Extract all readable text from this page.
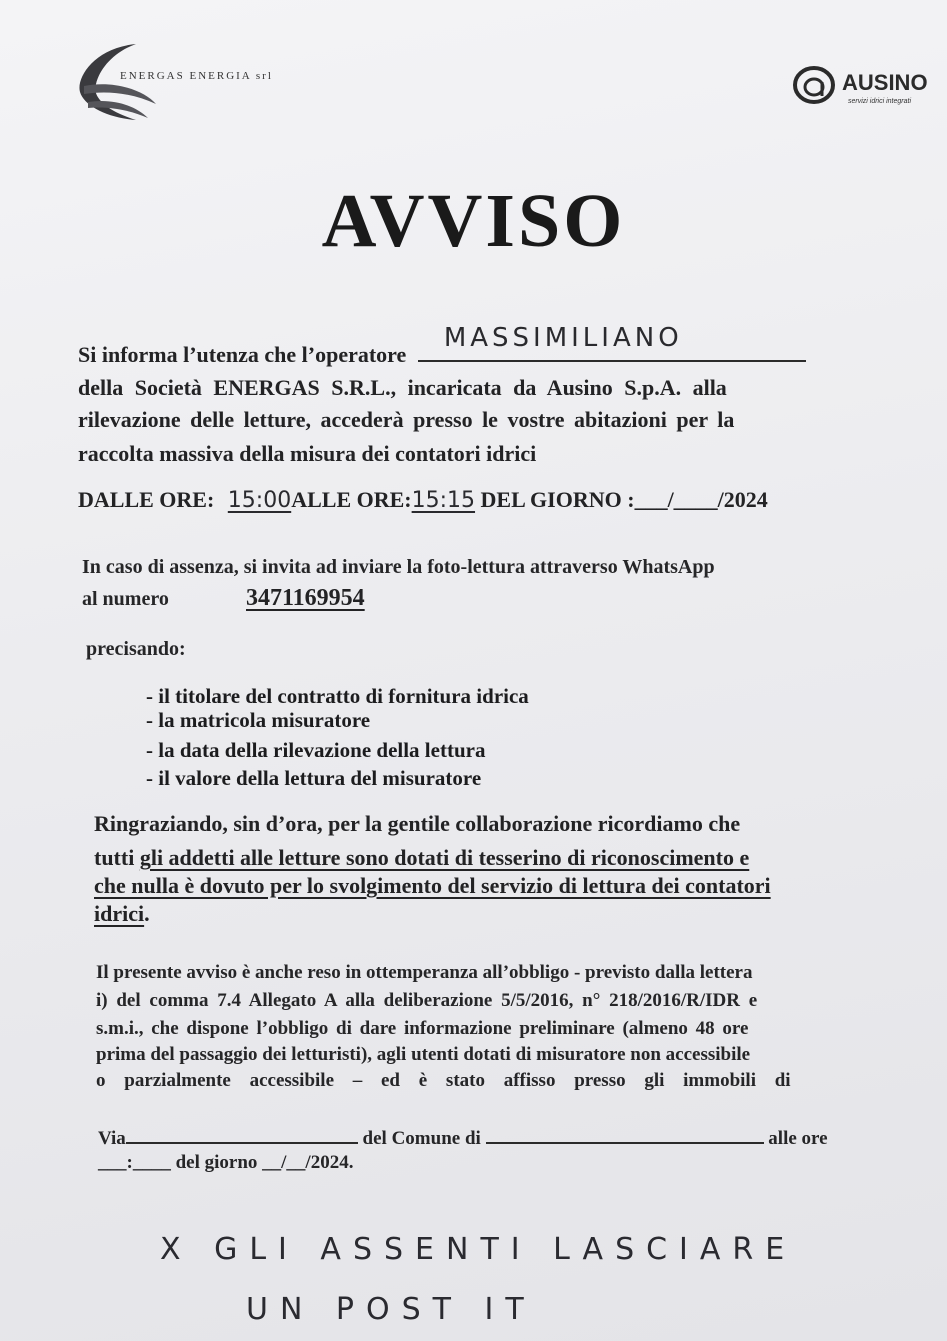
ENERGAS ENERGIA srl	AUSINO
servizi idrici integrati
AVVISO
Si informa l’utenza che l’operatore
MASSIMILIANO
della Società ENERGAS S.R.L., incaricata da Ausino S.p.A. alla
rilevazione delle letture, accederà presso le vostre abitazioni per la
raccolta massiva della misura dei contatori idrici
DALLE ORE: 15:00ALLE ORE:15:15 DEL GIORNO :___/____/2024
In caso di assenza, si invita ad inviare la foto-lettura attraverso WhatsApp
al numero	3471169954
precisando:
- il titolare del contratto di fornitura idrica
- la matricola misuratore
- la data della rilevazione della lettura
- il valore della lettura del misuratore
Ringraziando, sin d’ora, per la gentile collaborazione ricordiamo che
tutti gli addetti alle letture sono dotati di tesserino di riconoscimento e
che nulla è dovuto per lo svolgimento del servizio di lettura dei contatori
idrici.
Il presente avviso è anche reso in ottemperanza all’obbligo - previsto dalla lettera
i) del comma 7.4 Allegato A alla deliberazione 5/5/2016, n° 218/2016/R/IDR e
s.m.i., che dispone l’obbligo di dare informazione preliminare (almeno 48 ore
prima del passaggio dei letturisti), agli utenti dotati di misuratore non accessibile
o parzialmente accessibile – ed è stato affisso presso gli immobili di
Via	del Comune di	alle ore
___:____ del giorno __/__/2024.
X GLI ASSENTI LASCIARE
UN POST IT
